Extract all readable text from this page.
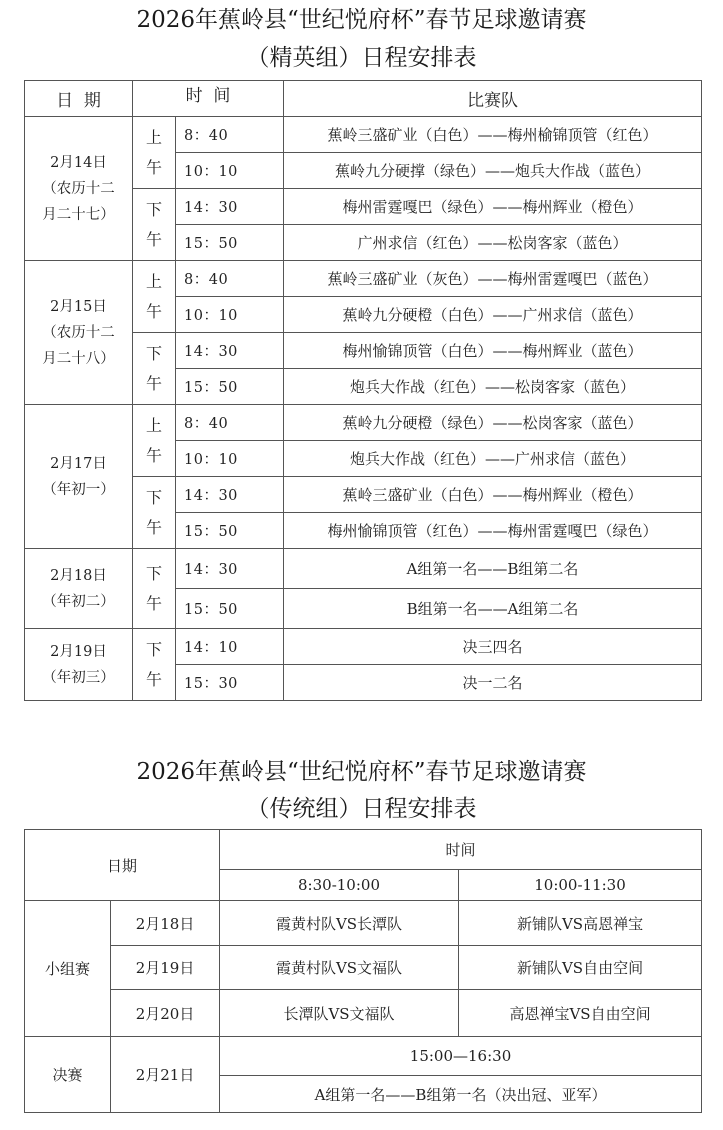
2026年蕉岭县“世纪悦府杯”春节足球邀请赛
（精英组）日程安排表
日  期	时  间		比赛队
2月14日
（农历十二
月二十七）	上
午	8：40	蕉岭三盛矿业（白色）——梅州榆锦顶管（红色）
		10：10	蕉岭九分硬撑（绿色）——炮兵大作战（蓝色）
	下
午	14：30	梅州雷霆嘎巴（绿色）——梅州辉业（橙色）
		15：50	广州求信（红色）——松岗客家（蓝色）
2月15日
（农历十二
月二十八）	上
午	8：40	蕉岭三盛矿业（灰色）——梅州雷霆嘎巴（蓝色）
		10：10	蕉岭九分硬橙（白色）——广州求信（蓝色）
	下
午	14：30	梅州愉锦顶管（白色）——梅州辉业（蓝色）
		15：50	炮兵大作战（红色）——松岗客家（蓝色）
2月17日
（年初一）	上
午	8：40	蕉岭九分硬橙（绿色）——松岗客家（蓝色）
		10：10	炮兵大作战（红色）——广州求信（蓝色）
	下
午	14：30	蕉岭三盛矿业（白色）——梅州辉业（橙色）
		15：50	梅州愉锦顶管（红色）——梅州雷霆嘎巴（绿色）
2月18日
（年初二）	下
午	14：30	A组第一名——B组第二名
		15：50	B组第一名——A组第二名
2月19日
（年初三）	下
午	14：10	决三四名
		15：30	决一二名
2026年蕉岭县“世纪悦府杯”春节足球邀请赛
（传统组）日程安排表
日期		时间	
		8:30-10:00	10:00-11:30
小组赛	2月18日	霞黄村队VS长潭队	新铺队VS高恩禅宝
	2月19日	霞黄村队VS文福队	新铺队VS自由空间
	2月20日	长潭队VS文福队	高恩禅宝VS自由空间
决赛	2月21日	15:00—16:30	
		A组第一名——B组第一名（决出冠、亚军）	
